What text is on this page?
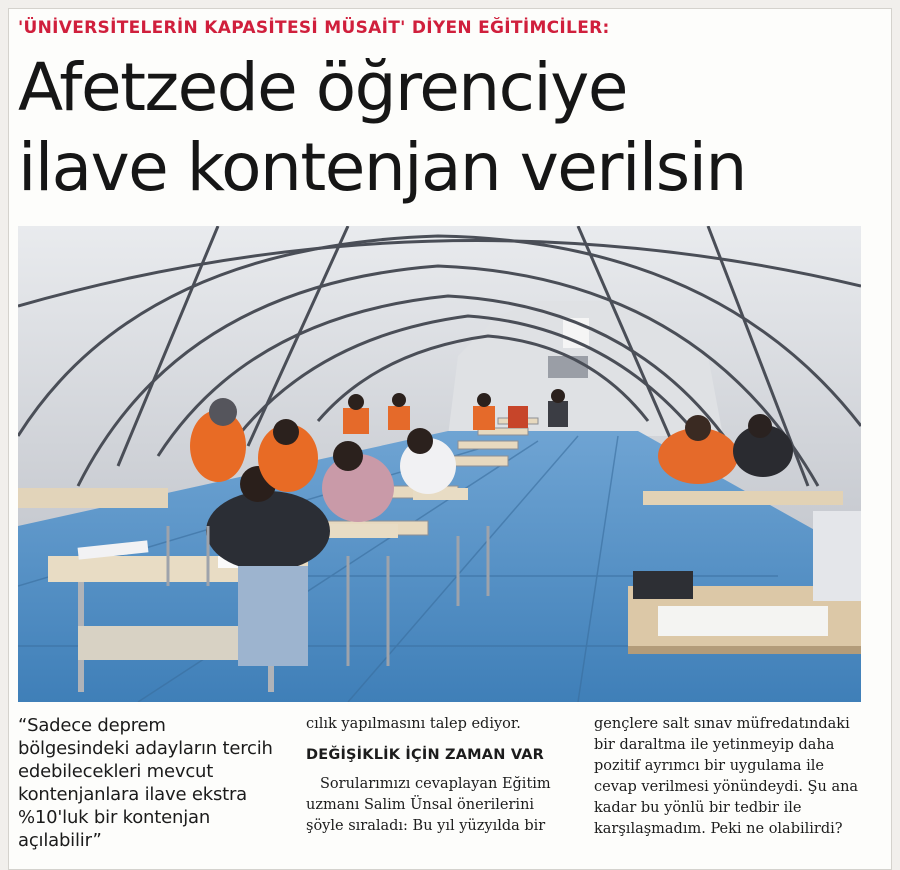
'ÜNİVERSİTELERİN KAPASİTESİ MÜSAİT' DİYEN EĞİTİMCİLER:
Afetzede öğrenciye
ilave kontenjan verilsin
“Sadece deprem bölgesindeki adayların tercih edebilecekleri mevcut kontenjanlara ilave ekstra %10'luk bir kontenjan açılabilir”
cılık yapılmasını talep ediyor.
DEĞİŞİKLİK İÇİN ZAMAN VAR
Sorularımızı cevaplayan Eğitim uzmanı Salim Ünsal önerilerini şöyle sıraladı: Bu yıl yüzyılda bir
gençlere salt sınav müfredatındaki bir daraltma ile yetinmeyip daha pozitif ayrımcı bir uygulama ile cevap verilmesi yönündeydi. Şu ana kadar bu yönlü bir tedbir ile karşılaşmadım. Peki ne olabilirdi?
